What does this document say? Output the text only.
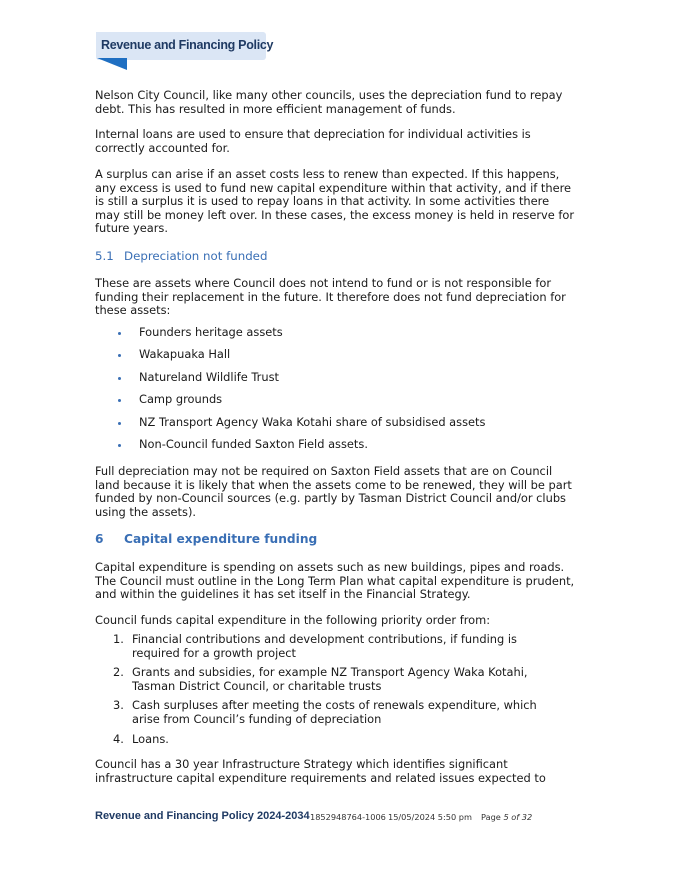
Revenue and Financing Policy

Nelson City Council, like many other councils, uses the depreciation fund to repay debt. This has resulted in more efficient management of funds.

Internal loans are used to ensure that depreciation for individual activities is correctly accounted for.

A surplus can arise if an asset costs less to renew than expected. If this happens, any excess is used to fund new capital expenditure within that activity, and if there is still a surplus it is used to repay loans in that activity. In some activities there may still be money left over. In these cases, the excess money is held in reserve for future years.

5.1 Depreciation not funded

These are assets where Council does not intend to fund or is not responsible for funding their replacement in the future. It therefore does not fund depreciation for these assets:

Founders heritage assets
Wakapuaka Hall
Natureland Wildlife Trust
Camp grounds
NZ Transport Agency Waka Kotahi share of subsidised assets
Non-Council funded Saxton Field assets.

Full depreciation may not be required on Saxton Field assets that are on Council land because it is likely that when the assets come to be renewed, they will be part funded by non-Council sources (e.g. partly by Tasman District Council and/or clubs using the assets).

6 Capital expenditure funding

Capital expenditure is spending on assets such as new buildings, pipes and roads. The Council must outline in the Long Term Plan what capital expenditure is prudent, and within the guidelines it has set itself in the Financial Strategy.

Council funds capital expenditure in the following priority order from:

1. Financial contributions and development contributions, if funding is required for a growth project
2. Grants and subsidies, for example NZ Transport Agency Waka Kotahi, Tasman District Council, or charitable trusts
3. Cash surpluses after meeting the costs of renewals expenditure, which arise from Council’s funding of depreciation
4. Loans.

Council has a 30 year Infrastructure Strategy which identifies significant infrastructure capital expenditure requirements and related issues expected to

Revenue and Financing Policy 2024-2034 1852948764-1006 15/05/2024 5:50 pm Page 5 of 32
